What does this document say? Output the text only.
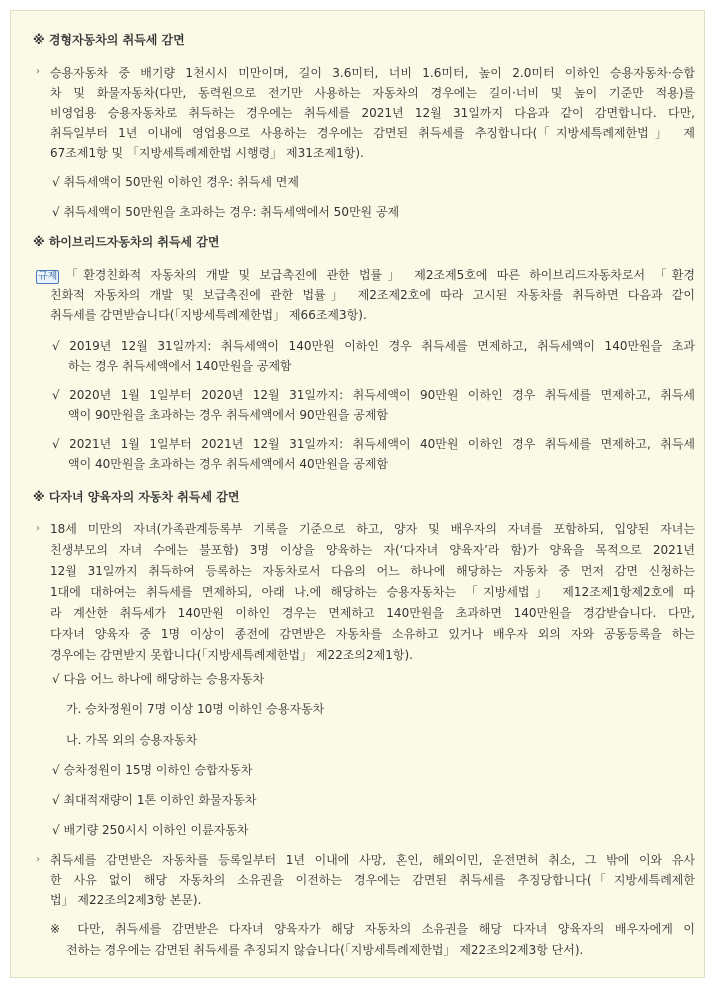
※ 경형자동차의 취득세 감면
› 승용자동차 중 배기량 1천시시 미만이며, 길이 3.6미터, 너비 1.6미터, 높이 2.0미터 이하인 승용자동차·승합
차 및 화물자동차(다만, 동력원으로 전기만 사용하는 자동차의 경우에는 길이·너비 및 높이 기준만 적용)를
비영업용 승용자동차로 취득하는 경우에는 취득세를 2021년 12월 31일까지 다음과 같이 감면합니다. 다만,
취득일부터 1년 이내에 영업용으로 사용하는 경우에는 감면된 취득세를 추징합니다(「지방세특례제한법」 제
67조제1항 및 「지방세특례제한법 시행령」 제31조제1항).
√ 취득세액이 50만원 이하인 경우: 취득세 면제
√ 취득세액이 50만원을 초과하는 경우: 취득세액에서 50만원 공제
※ 하이브리드자동차의 취득세 감면
규제 「환경친화적 자동차의 개발 및 보급촉진에 관한 법률」 제2조제5호에 따른 하이브리드자동차로서 「환경
친화적 자동차의 개발 및 보급촉진에 관한 법률」 제2조제2호에 따라 고시된 자동차를 취득하면 다음과 같이
취득세를 감면받습니다(「지방세특례제한법」 제66조제3항).
√ 2019년 12월 31일까지: 취득세액이 140만원 이하인 경우 취득세를 면제하고, 취득세액이 140만원을 초과
하는 경우 취득세액에서 140만원을 공제함
√ 2020년 1월 1일부터 2020년 12월 31일까지: 취득세액이 90만원 이하인 경우 취득세를 면제하고, 취득세
액이 90만원을 초과하는 경우 취득세액에서 90만원을 공제함
√ 2021년 1월 1일부터 2021년 12월 31일까지: 취득세액이 40만원 이하인 경우 취득세를 면제하고, 취득세
액이 40만원을 초과하는 경우 취득세액에서 40만원을 공제함
※ 다자녀 양육자의 자동차 취득세 감면
› 18세 미만의 자녀(가족관계등록부 기록을 기준으로 하고, 양자 및 배우자의 자녀를 포함하되, 입양된 자녀는
친생부모의 자녀 수에는 불포함) 3명 이상을 양육하는 자(‘다자녀 양육자’라 함)가 양육을 목적으로 2021년
12월 31일까지 취득하여 등록하는 자동차로서 다음의 어느 하나에 해당하는 자동차 중 먼저 감면 신청하는
1대에 대하여는 취득세를 면제하되, 아래 나.에 해당하는 승용자동차는 「지방세법」 제12조제1항제2호에 따
라 계산한 취득세가 140만원 이하인 경우는 면제하고 140만원을 초과하면 140만원을 경감받습니다. 다만,
다자녀 양육자 중 1명 이상이 종전에 감면받은 자동차를 소유하고 있거나 배우자 외의 자와 공동등록을 하는
경우에는 감면받지 못합니다(「지방세특례제한법」 제22조의2제1항).
√ 다음 어느 하나에 해당하는 승용자동차
가. 승차정원이 7명 이상 10명 이하인 승용자동차
나. 가목 외의 승용자동차
√ 승차정원이 15명 이하인 승합자동차
√ 최대적재량이 1톤 이하인 화물자동차
√ 배기량 250시시 이하인 이륜자동차
› 취득세를 감면받은 자동차를 등록일부터 1년 이내에 사망, 혼인, 해외이민, 운전면허 취소, 그 밖에 이와 유사
한 사유 없이 해당 자동차의 소유권을 이전하는 경우에는 감면된 취득세를 추징당합니다(「지방세특례제한
법」 제22조의2제3항 본문).
※ 다만, 취득세를 감면받은 다자녀 양육자가 해당 자동차의 소유권을 해당 다자녀 양육자의 배우자에게 이
전하는 경우에는 감면된 취득세를 추징되지 않습니다(「지방세특례제한법」 제22조의2제3항 단서).
